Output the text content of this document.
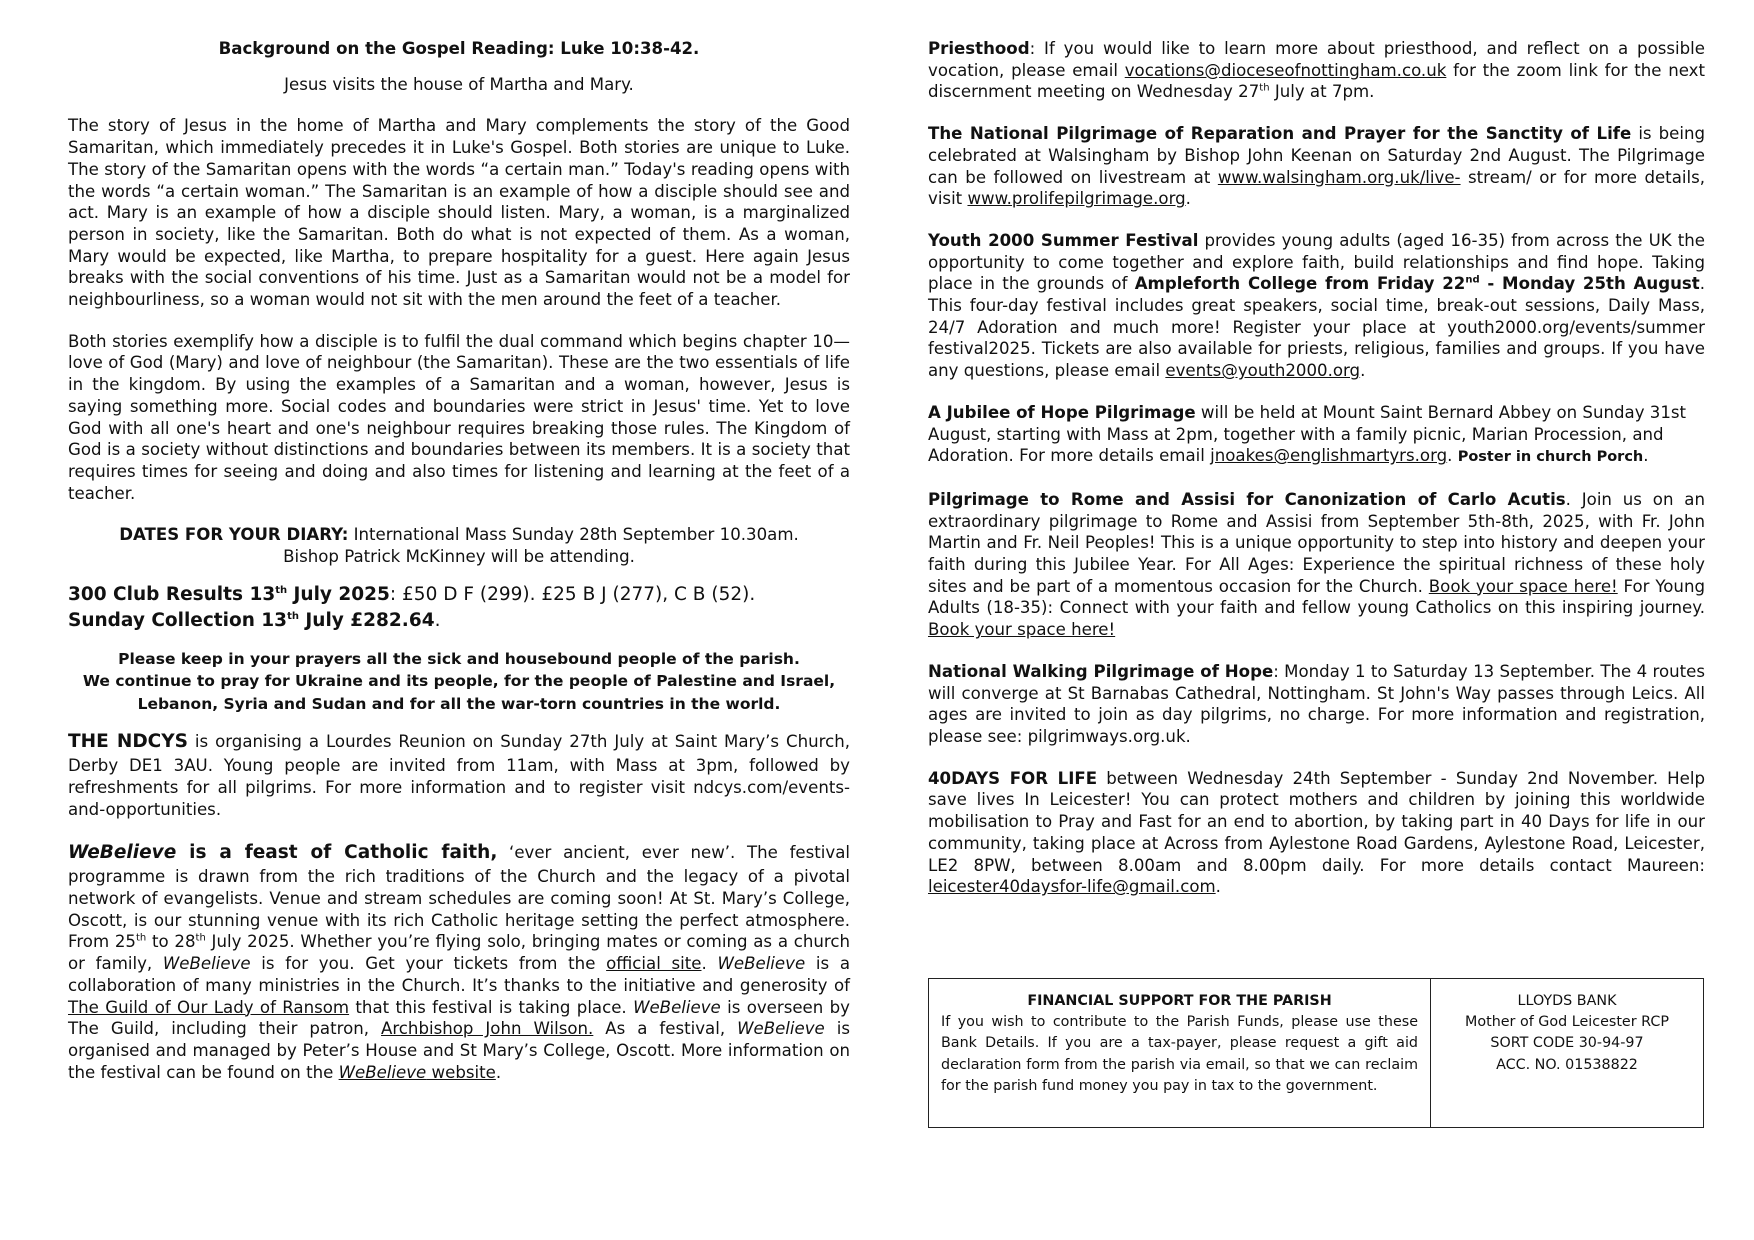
Background on the Gospel Reading: Luke 10:38-42.

Jesus visits the house of Martha and Mary.

The story of Jesus in the home of Martha and Mary complements the story of the Good Samaritan, which immediately precedes it in Luke's Gospel. Both stories are unique to Luke. The story of the Samaritan opens with the words “a certain man.” Today's reading opens with the words “a certain woman.” The Samaritan is an example of how a disciple should see and act. Mary is an example of how a disciple should listen. Mary, a woman, is a marginalized person in society, like the Samaritan. Both do what is not expected of them. As a woman, Mary would be expected, like Martha, to prepare hospitality for a guest. Here again Jesus breaks with the social conventions of his time. Just as a Samaritan would not be a model for neighbourliness, so a woman would not sit with the men around the feet of a teacher.

Both stories exemplify how a disciple is to fulfil the dual command which begins chapter 10—love of God (Mary) and love of neighbour (the Samaritan). These are the two essentials of life in the kingdom. By using the examples of a Samaritan and a woman, however, Jesus is saying something more. Social codes and boundaries were strict in Jesus' time. Yet to love God with all one's heart and one's neighbour requires breaking those rules. The Kingdom of God is a society without distinctions and boundaries between its members. It is a society that requires times for seeing and doing and also times for listening and learning at the feet of a teacher.

DATES FOR YOUR DIARY: International Mass Sunday 28th September 10.30am.

Bishop Patrick McKinney will be attending.

300 Club Results 13th July 2025: £50 D F (299). £25 B J (277), C B (52).

Sunday Collection 13th July £282.64.

Please keep in your prayers all the sick and housebound people of the parish.

We continue to pray for Ukraine and its people, for the people of Palestine and Israel,

Lebanon, Syria and Sudan and for all the war-torn countries in the world.

THE NDCYS is organising a Lourdes Reunion on Sunday 27th July at Saint Mary’s Church, Derby DE1 3AU. Young people are invited from 11am, with Mass at 3pm, followed by refreshments for all pilgrims. For more information and to register visit ndcys.com/events-and-opportunities.

WeBelieve is a feast of Catholic faith, ‘ever ancient, ever new’. The festival programme is drawn from the rich traditions of the Church and the legacy of a pivotal network of evangelists. Venue and stream schedules are coming soon! At St. Mary’s College, Oscott, is our stunning venue with its rich Catholic heritage setting the perfect atmosphere. From 25th to 28th July 2025. Whether you’re flying solo, bringing mates or coming as a church or family, WeBelieve is for you. Get your tickets from the official site. WeBelieve is a collaboration of many ministries in the Church. It’s thanks to the initiative and generosity of The Guild of Our Lady of Ransom that this festival is taking place. WeBelieve is overseen by The Guild, including their patron, Archbishop John Wilson. As a festival, WeBelieve is organised and managed by Peter’s House and St Mary’s College, Oscott. More information on the festival can be found on the WeBelieve website.

Priesthood: If you would like to learn more about priesthood, and reflect on a possible vocation, please email vocations@dioceseofnottingham.co.uk for the zoom link for the next discernment meeting on Wednesday 27th July at 7pm.

The National Pilgrimage of Reparation and Prayer for the Sanctity of Life is being celebrated at Walsingham by Bishop John Keenan on Saturday 2nd August. The Pilgrimage can be followed on livestream at www.walsingham.org.uk/live- stream/ or for more details, visit www.prolifepilgrimage.org.

Youth 2000 Summer Festival provides young adults (aged 16-35) from across the UK the opportunity to come together and explore faith, build relationships and find hope. Taking place in the grounds of Ampleforth College from Friday 22nd - Monday 25th August. This four-day festival includes great speakers, social time, break-out sessions, Daily Mass, 24/7 Adoration and much more! Register your place at youth2000.org/events/summer festival2025. Tickets are also available for priests, religious, families and groups. If you have any questions, please email events@youth2000.org.

A Jubilee of Hope Pilgrimage will be held at Mount Saint Bernard Abbey on Sunday 31st August, starting with Mass at 2pm, together with a family picnic, Marian Procession, and Adoration. For more details email jnoakes@englishmartyrs.org. Poster in church Porch.

Pilgrimage to Rome and Assisi for Canonization of Carlo Acutis. Join us on an extraordinary pilgrimage to Rome and Assisi from September 5th-8th, 2025, with Fr. John Martin and Fr. Neil Peoples! This is a unique opportunity to step into history and deepen your faith during this Jubilee Year. For All Ages: Experience the spiritual richness of these holy sites and be part of a momentous occasion for the Church. Book your space here! For Young Adults (18-35): Connect with your faith and fellow young Catholics on this inspiring journey. Book your space here!

National Walking Pilgrimage of Hope: Monday 1 to Saturday 13 September. The 4 routes will converge at St Barnabas Cathedral, Nottingham. St John's Way passes through Leics. All ages are invited to join as day pilgrims, no charge. For more information and registration, please see: pilgrimways.org.uk.

40DAYS FOR LIFE between Wednesday 24th September - Sunday 2nd November. Help save lives In Leicester! You can protect mothers and children by joining this worldwide mobilisation to Pray and Fast for an end to abortion, by taking part in 40 Days for life in our community, taking place at Across from Aylestone Road Gardens, Aylestone Road, Leicester, LE2 8PW, between 8.00am and 8.00pm daily. For more details contact Maureen: leicester40daysfor-life@gmail.com.

FINANCIAL SUPPORT FOR THE PARISH

If you wish to contribute to the Parish Funds, please use these Bank Details. If you are a tax-payer, please request a gift aid declaration form from the parish via email, so that we can reclaim for the parish fund money you pay in tax to the government.

LLOYDS BANK
Mother of God Leicester RCP
SORT CODE 30-94-97
ACC. NO. 01538822
